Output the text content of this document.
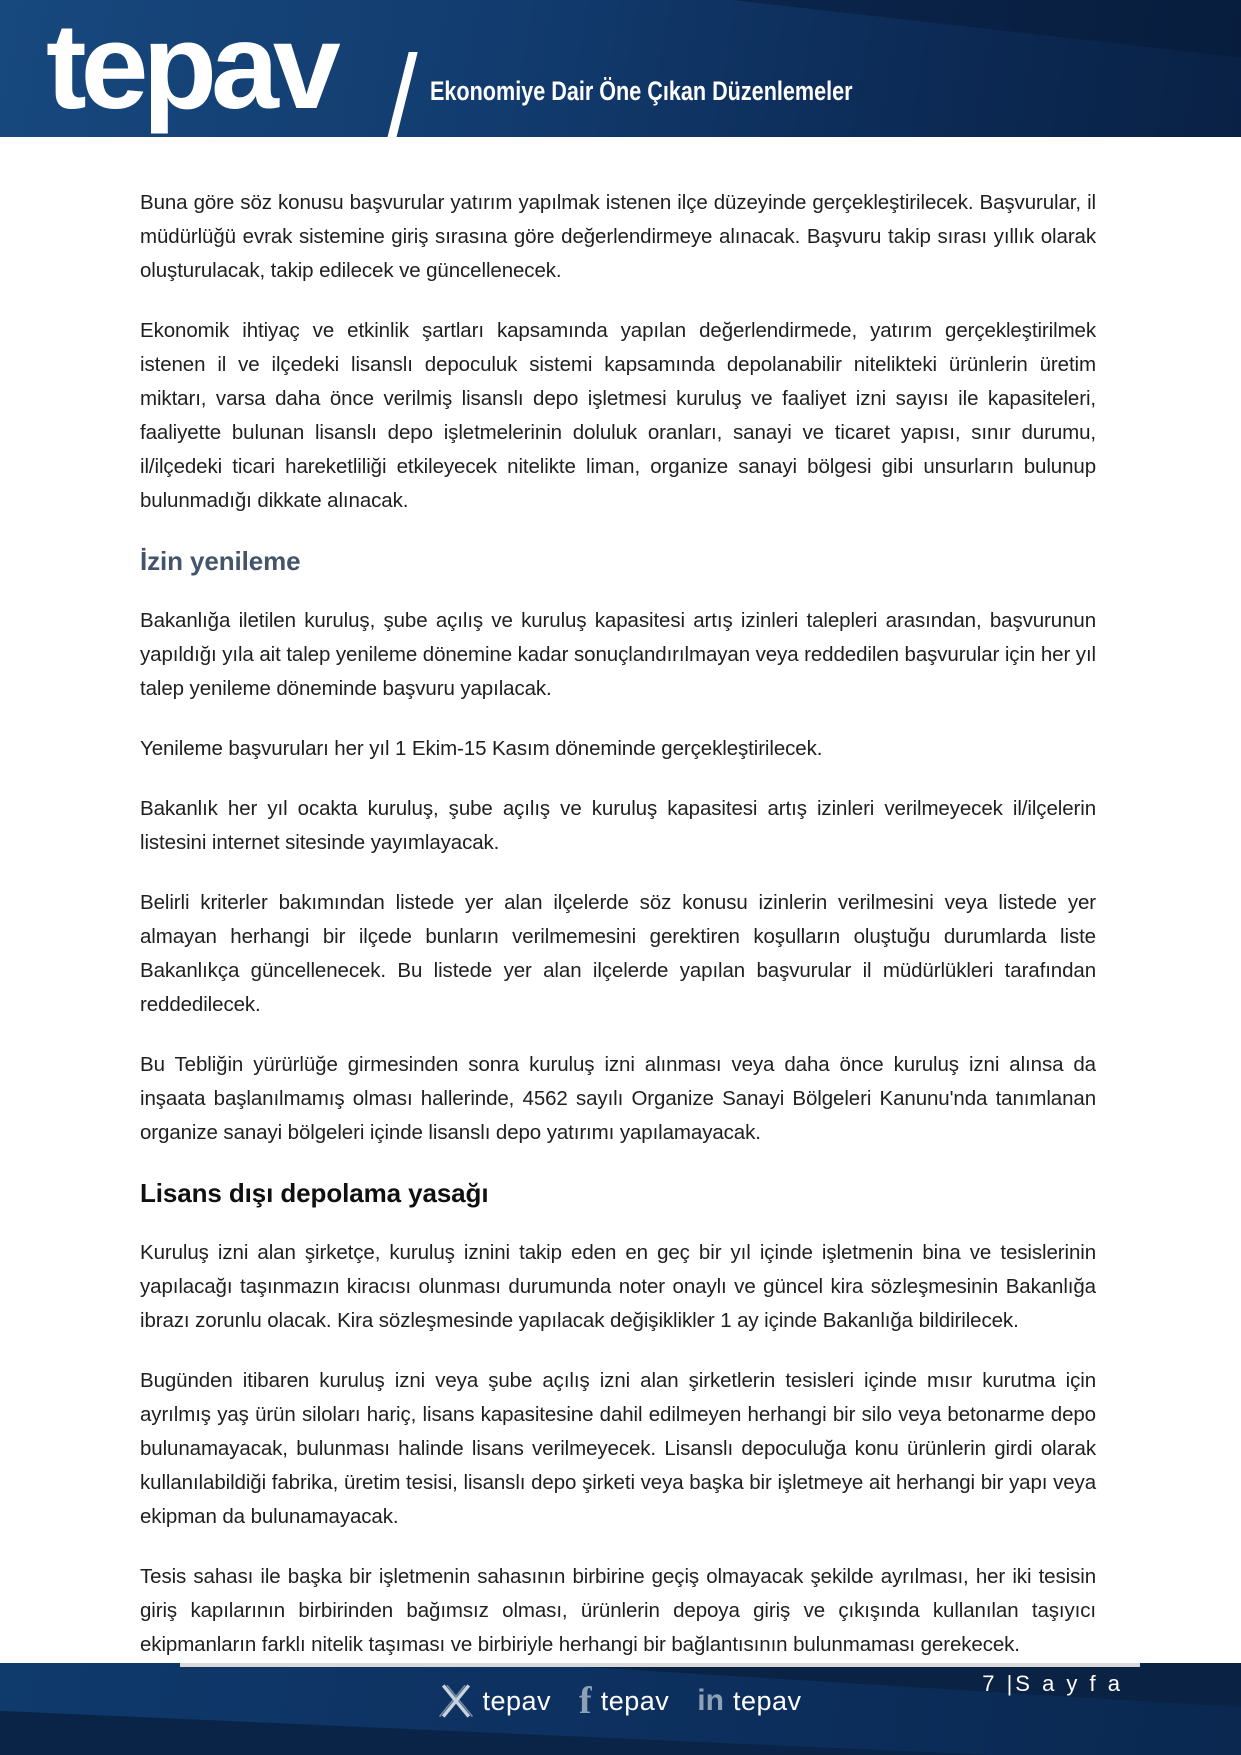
tepav	Ekonomiye Dair Öne Çıkan Düzenlemeler

Buna göre söz konusu başvurular yatırım yapılmak istenen ilçe düzeyinde gerçekleştirilecek. Başvurular, il müdürlüğü evrak sistemine giriş sırasına göre değerlendirmeye alınacak. Başvuru takip sırası yıllık olarak oluşturulacak, takip edilecek ve güncellenecek.

Ekonomik ihtiyaç ve etkinlik şartları kapsamında yapılan değerlendirmede, yatırım gerçekleştirilmek istenen il ve ilçedeki lisanslı depoculuk sistemi kapsamında depolanabilir nitelikteki ürünlerin üretim miktarı, varsa daha önce verilmiş lisanslı depo işletmesi kuruluş ve faaliyet izni sayısı ile kapasiteleri, faaliyette bulunan lisanslı depo işletmelerinin doluluk oranları, sanayi ve ticaret yapısı, sınır durumu, il/ilçedeki ticari hareketliliği etkileyecek nitelikte liman, organize sanayi bölgesi gibi unsurların bulunup bulunmadığı dikkate alınacak.

İzin yenileme

Bakanlığa iletilen kuruluş, şube açılış ve kuruluş kapasitesi artış izinleri talepleri arasından, başvurunun yapıldığı yıla ait talep yenileme dönemine kadar sonuçlandırılmayan veya reddedilen başvurular için her yıl talep yenileme döneminde başvuru yapılacak.

Yenileme başvuruları her yıl 1 Ekim-15 Kasım döneminde gerçekleştirilecek.

Bakanlık her yıl ocakta kuruluş, şube açılış ve kuruluş kapasitesi artış izinleri verilmeyecek il/ilçelerin listesini internet sitesinde yayımlayacak.

Belirli kriterler bakımından listede yer alan ilçelerde söz konusu izinlerin verilmesini veya listede yer almayan herhangi bir ilçede bunların verilmemesini gerektiren koşulların oluştuğu durumlarda liste Bakanlıkça güncellenecek. Bu listede yer alan ilçelerde yapılan başvurular il müdürlükleri tarafından reddedilecek.

Bu Tebliğin yürürlüğe girmesinden sonra kuruluş izni alınması veya daha önce kuruluş izni alınsa da inşaata başlanılmamış olması hallerinde, 4562 sayılı Organize Sanayi Bölgeleri Kanunu'nda tanımlanan organize sanayi bölgeleri içinde lisanslı depo yatırımı yapılamayacak.

Lisans dışı depolama yasağı

Kuruluş izni alan şirketçe, kuruluş iznini takip eden en geç bir yıl içinde işletmenin bina ve tesislerinin yapılacağı taşınmazın kiracısı olunması durumunda noter onaylı ve güncel kira sözleşmesinin Bakanlığa ibrazı zorunlu olacak. Kira sözleşmesinde yapılacak değişiklikler 1 ay içinde Bakanlığa bildirilecek.

Bugünden itibaren kuruluş izni veya şube açılış izni alan şirketlerin tesisleri içinde mısır kurutma için ayrılmış yaş ürün siloları hariç, lisans kapasitesine dahil edilmeyen herhangi bir silo veya betonarme depo bulunamayacak, bulunması halinde lisans verilmeyecek. Lisanslı depoculuğa konu ürünlerin girdi olarak kullanılabildiği fabrika, üretim tesisi, lisanslı depo şirketi veya başka bir işletmeye ait herhangi bir yapı veya ekipman da bulunamayacak.

Tesis sahası ile başka bir işletmenin sahasının birbirine geçiş olmayacak şekilde ayrılması, her iki tesisin giriş kapılarının birbirinden bağımsız olması, ürünlerin depoya giriş ve çıkışında kullanılan taşıyıcı ekipmanların farklı nitelik taşıması ve birbiriyle herhangi bir bağlantısının bulunmaması gerekecek.

tepav f tepav in tepav
7 |S a y f a
